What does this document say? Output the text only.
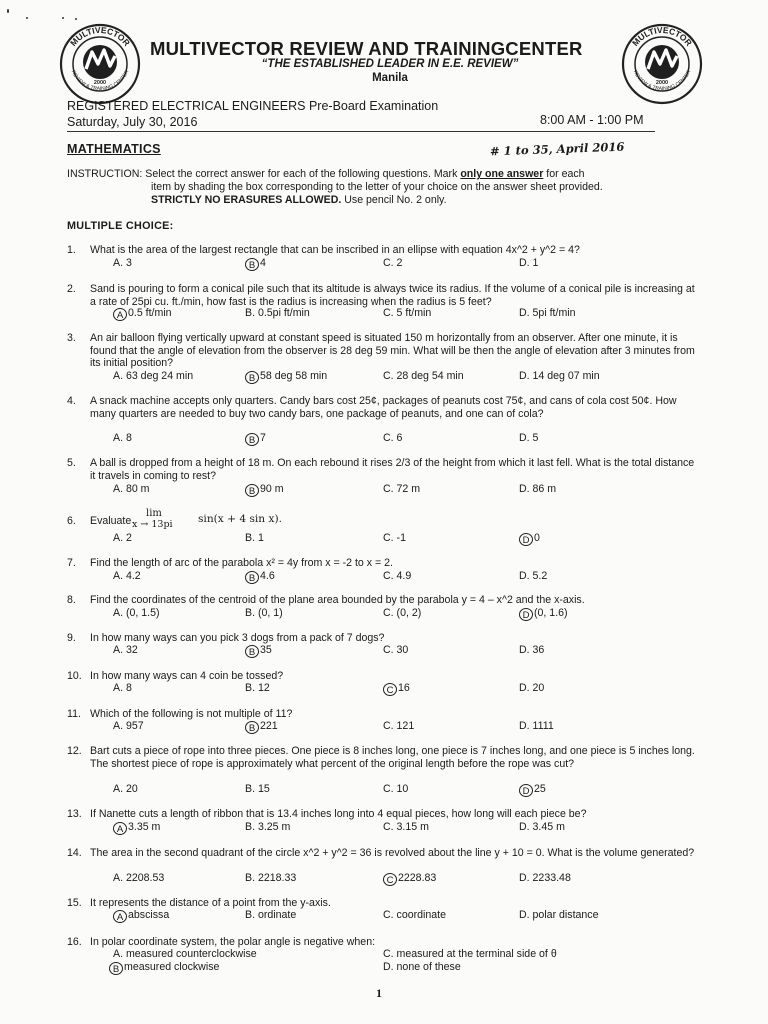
MULTIVECTOR
REVIEW & TRAINING CENTER
2000
MULTIVECTOR
REVIEW & TRAINING CENTER
2000
MULTIVECTOR REVIEW AND TRAININGCENTER
“THE ESTABLISHED LEADER IN E.E. REVIEW”
Manila
REGISTERED ELECTRICAL ENGINEERS Pre-Board Examination
Saturday, July 30, 2016	8:00 AM - 1:00 PM
MATHEMATICS	# 1 to 35, April 2016
INSTRUCTION: Select the correct answer for each of the following questions. Mark only one answer for each
item by shading the box corresponding to the letter of your choice on the answer sheet provided.
STRICTLY NO ERASURES ALLOWED. Use pencil No. 2 only.
MULTIPLE CHOICE:
1.	What is the area of the largest rectangle that can be inscribed in an ellipse with equation 4x^2 + y^2 = 4?
A. 3	B 4	C. 2	D. 1
2.	Sand is pouring to form a conical pile such that its altitude is always twice its radius. If the volume of a conical pile is increasing at a rate of 25pi cu. ft./min, how fast is the radius is increasing when the radius is 5 feet?
A 0.5 ft/min	B. 0.5pi ft/min	C. 5 ft/min	D. 5pi ft/min
3.	An air balloon flying vertically upward at constant speed is situated 150 m horizontally from an observer. After one minute, it is found that the angle of elevation from the observer is 28 deg 59 min. What will be then the angle of elevation after 3 minutes from its initial position?
A. 63 deg 24 min	B 58 deg 58 min	C. 28 deg 54 min	D. 14 deg 07 min
4.	A snack machine accepts only quarters. Candy bars cost 25¢, packages of peanuts cost 75¢, and cans of cola cost 50¢. How many quarters are needed to buy two candy bars, one package of peanuts, and one can of cola?
A. 8	B 7	C. 6	D. 5
5.	A ball is dropped from a height of 18 m. On each rebound it rises 2/3 of the height from which it last fell. What is the total distance it travels in coming to rest?
A. 80 m	B 90 m	C. 72 m	D. 86 m
6.	Evaluate
lim
x → 13pi sin(x + 4 sin x).
A. 2	B. 1	C. -1	D 0
7.	Find the length of arc of the parabola x² = 4y from x = -2 to x = 2.
A. 4.2	B 4.6	C. 4.9	D. 5.2
8.	Find the coordinates of the centroid of the plane area bounded by the parabola y = 4 – x^2 and the x-axis.
A. (0, 1.5)	B. (0, 1)	C. (0, 2)	D (0, 1.6)
9.	In how many ways can you pick 3 dogs from a pack of 7 dogs?
A. 32	B 35	C. 30	D. 36
10. In how many ways can 4 coin be tossed?
A. 8	B. 12	C 16	D. 20
11. Which of the following is not multiple of 11?
A. 957	B 221	C. 121	D. 1111
12. Bart cuts a piece of rope into three pieces. One piece is 8 inches long, one piece is 7 inches long, and one piece is 5 inches long. The shortest piece of rope is approximately what percent of the original length before the rope was cut?
A. 20	B. 15	C. 10	D 25
13. If Nanette cuts a length of ribbon that is 13.4 inches long into 4 equal pieces, how long will each piece be?
A 3.35 m	B. 3.25 m	C. 3.15 m	D. 3.45 m
14. The area in the second quadrant of the circle x^2 + y^2 = 36 is revolved about the line y + 10 = 0. What is the volume generated?
A. 2208.53	B. 2218.33	C 2228.83	D. 2233.48
15. It represents the distance of a point from the y-axis.
A abscissa	B. ordinate	C. coordinate	D. polar distance
16. In polar coordinate system, the polar angle is negative when:
A. measured counterclockwise	C. measured at the terminal side of θ
B measured clockwise	D. none of these
1
